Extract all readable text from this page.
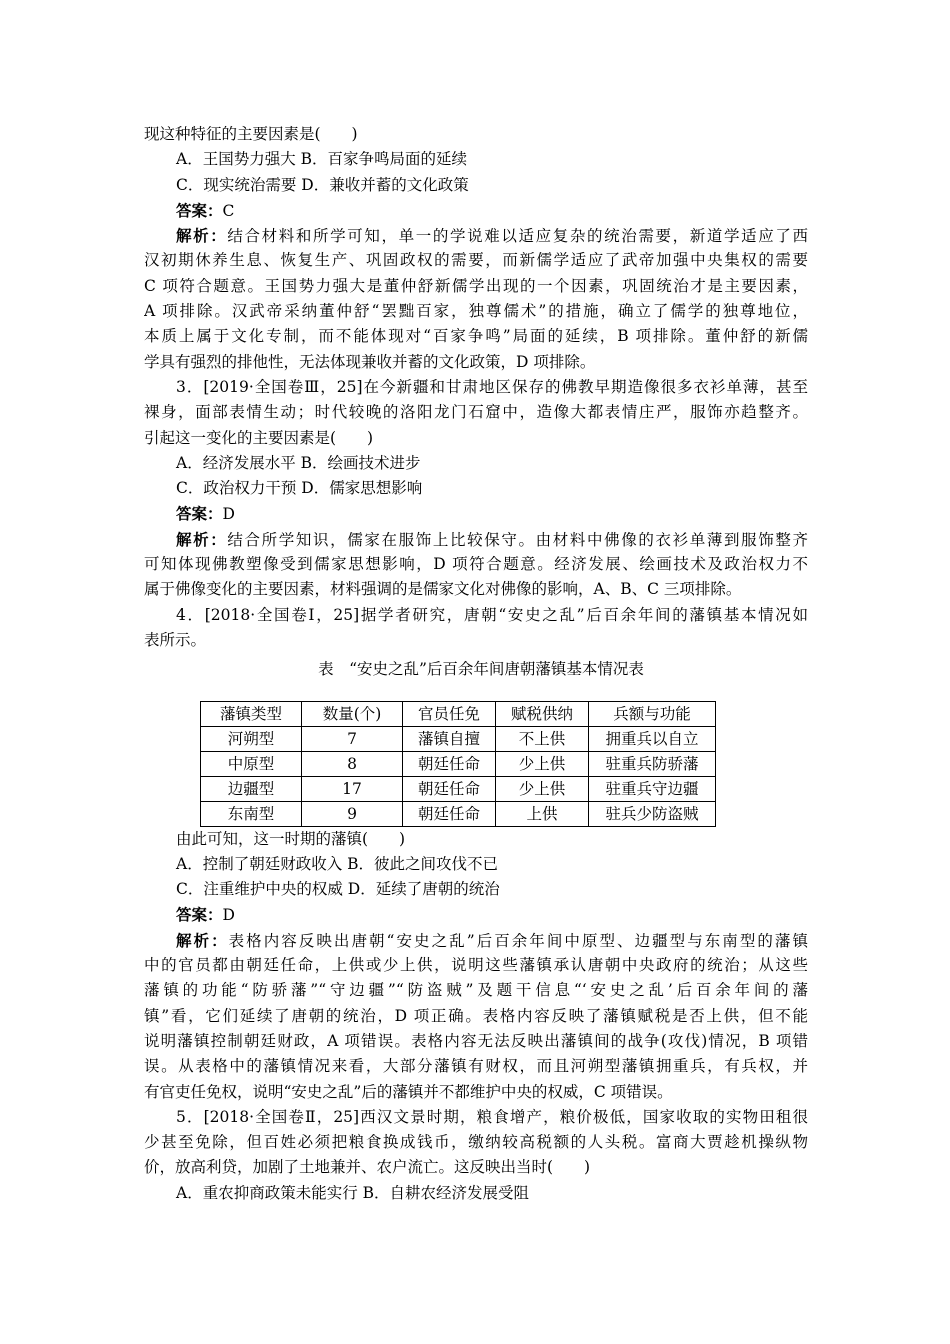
现这种特征的主要因素是(　　)
A．王国势力强大 B．百家争鸣局面的延续
C．现实统治需要 D．兼收并蓄的文化政策
答案：C
解析：结合材料和所学可知，单一的学说难以适应复杂的统治需要，新道学适应了西
汉初期休养生息、恢复生产、巩固政权的需要，而新儒学适应了武帝加强中央集权的需要
C 项符合题意。王国势力强大是董仲舒新儒学出现的一个因素，巩固统治才是主要因素，
A 项排除。汉武帝采纳董仲舒“罢黜百家，独尊儒术”的措施，确立了儒学的独尊地位，
本质上属于文化专制，而不能体现对“百家争鸣”局面的延续，B 项排除。董仲舒的新儒
学具有强烈的排他性，无法体现兼收并蓄的文化政策，D 项排除。
3．[2019·全国卷Ⅲ，25]在今新疆和甘肃地区保存的佛教早期造像很多衣衫单薄，甚至
裸身，面部表情生动；时代较晚的洛阳龙门石窟中，造像大都表情庄严，服饰亦趋整齐。
引起这一变化的主要因素是(　　)
A．经济发展水平 B．绘画技术进步
C．政治权力干预 D．儒家思想影响
答案：D
解析：结合所学知识，儒家在服饰上比较保守。由材料中佛像的衣衫单薄到服饰整齐
可知体现佛教塑像受到儒家思想影响，D 项符合题意。经济发展、绘画技术及政治权力不
属于佛像变化的主要因素，材料强调的是儒家文化对佛像的影响，A、B、C 三项排除。
4．[2018·全国卷Ⅰ，25]据学者研究，唐朝“安史之乱”后百余年间的藩镇基本情况如
表所示。
表　“安史之乱”后百余年间唐朝藩镇基本情况表
藩镇类型	数量(个)	官员任免	赋税供纳	兵额与功能
河朔型	7	藩镇自擅	不上供	拥重兵以自立
中原型	8	朝廷任命	少上供	驻重兵防骄藩
边疆型	17	朝廷任命	少上供	驻重兵守边疆
东南型	9	朝廷任命	上供	驻兵少防盗贼
由此可知，这一时期的藩镇(　　)
A．控制了朝廷财政收入 B．彼此之间攻伐不已
C．注重维护中央的权威 D．延续了唐朝的统治
答案：D
解析：表格内容反映出唐朝“安史之乱”后百余年间中原型、边疆型与东南型的藩镇
中的官员都由朝廷任命，上供或少上供，说明这些藩镇承认唐朝中央政府的统治；从这些
藩镇的功能“防骄藩”“守边疆”“防盗贼”及题干信息“‘安史之乱’后百余年间的藩
镇”看，它们延续了唐朝的统治，D 项正确。表格内容反映了藩镇赋税是否上供，但不能
说明藩镇控制朝廷财政，A 项错误。表格内容无法反映出藩镇间的战争(攻伐)情况，B 项错
误。从表格中的藩镇情况来看，大部分藩镇有财权，而且河朔型藩镇拥重兵，有兵权，并
有官吏任免权，说明“安史之乱”后的藩镇并不都维护中央的权威，C 项错误。
5．[2018·全国卷Ⅱ，25]西汉文景时期，粮食增产，粮价极低，国家收取的实物田租很
少甚至免除，但百姓必须把粮食换成钱币，缴纳较高税额的人头税。富商大贾趁机操纵物
价，放高利贷，加剧了土地兼并、农户流亡。这反映出当时(　　)
A．重农抑商政策未能实行 B．自耕农经济发展受阻
